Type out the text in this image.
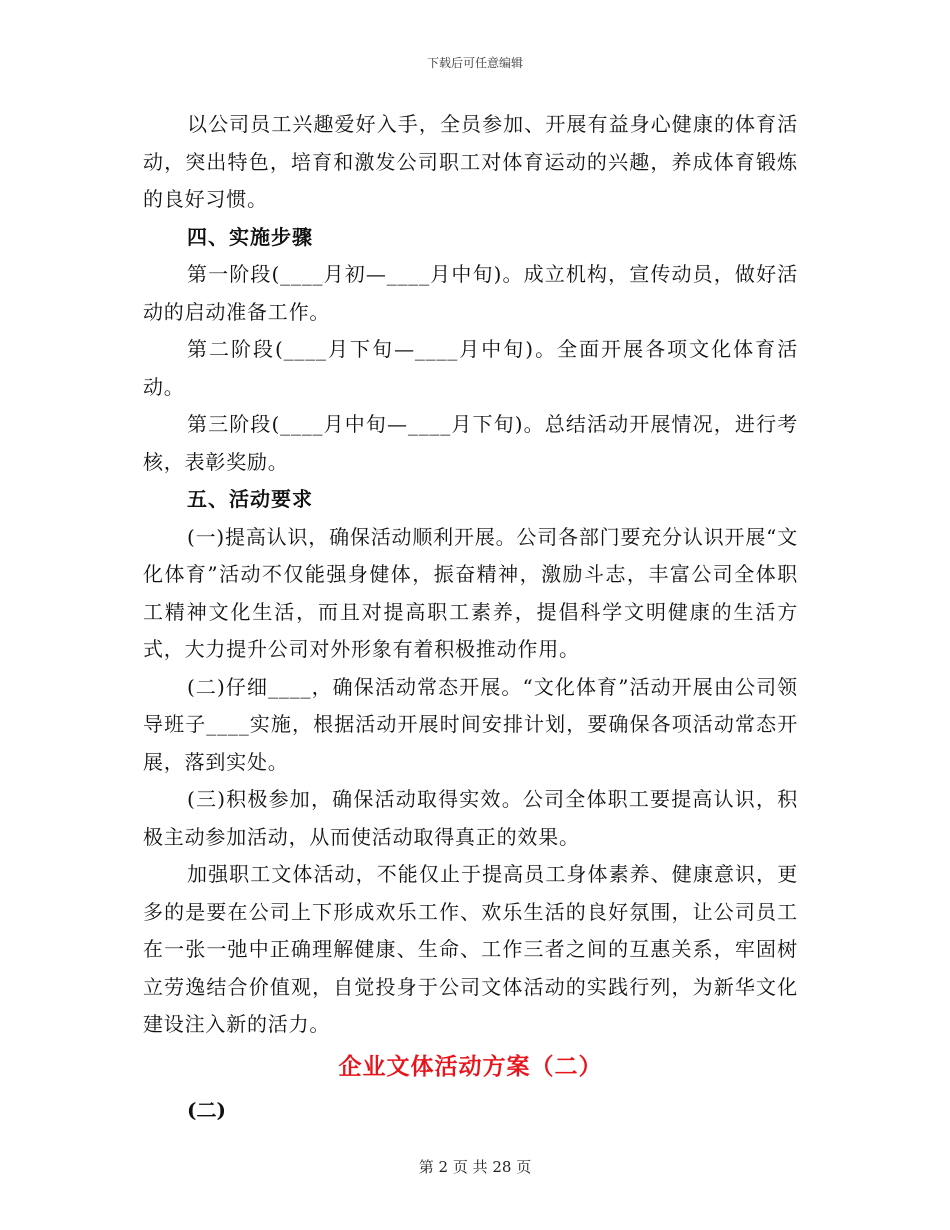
下载后可任意编辑

以公司员工兴趣爱好入手，全员参加、开展有益身心健康的体育活动，突出特色，培育和激发公司职工对体育运动的兴趣，养成体育锻炼的良好习惯。

四、实施步骤

第一阶段(____月初—____月中旬)。成立机构，宣传动员，做好活动的启动准备工作。

第二阶段(____月下旬—____月中旬)。全面开展各项文化体育活动。

第三阶段(____月中旬—____月下旬)。总结活动开展情况，进行考核，表彰奖励。

五、活动要求

(一)提高认识，确保活动顺利开展。公司各部门要充分认识开展“文化体育”活动不仅能强身健体，振奋精神，激励斗志，丰富公司全体职工精神文化生活，而且对提高职工素养，提倡科学文明健康的生活方式，大力提升公司对外形象有着积极推动作用。

(二)仔细____，确保活动常态开展。“文化体育”活动开展由公司领导班子____实施，根据活动开展时间安排计划，要确保各项活动常态开展，落到实处。

(三)积极参加，确保活动取得实效。公司全体职工要提高认识，积极主动参加活动，从而使活动取得真正的效果。

加强职工文体活动，不能仅止于提高员工身体素养、健康意识，更多的是要在公司上下形成欢乐工作、欢乐生活的良好氛围，让公司员工在一张一弛中正确理解健康、生命、工作三者之间的互惠关系，牢固树立劳逸结合价值观，自觉投身于公司文体活动的实践行列，为新华文化建设注入新的活力。

企业文体活动方案（二）

(二)

第 2 页 共 28 页
